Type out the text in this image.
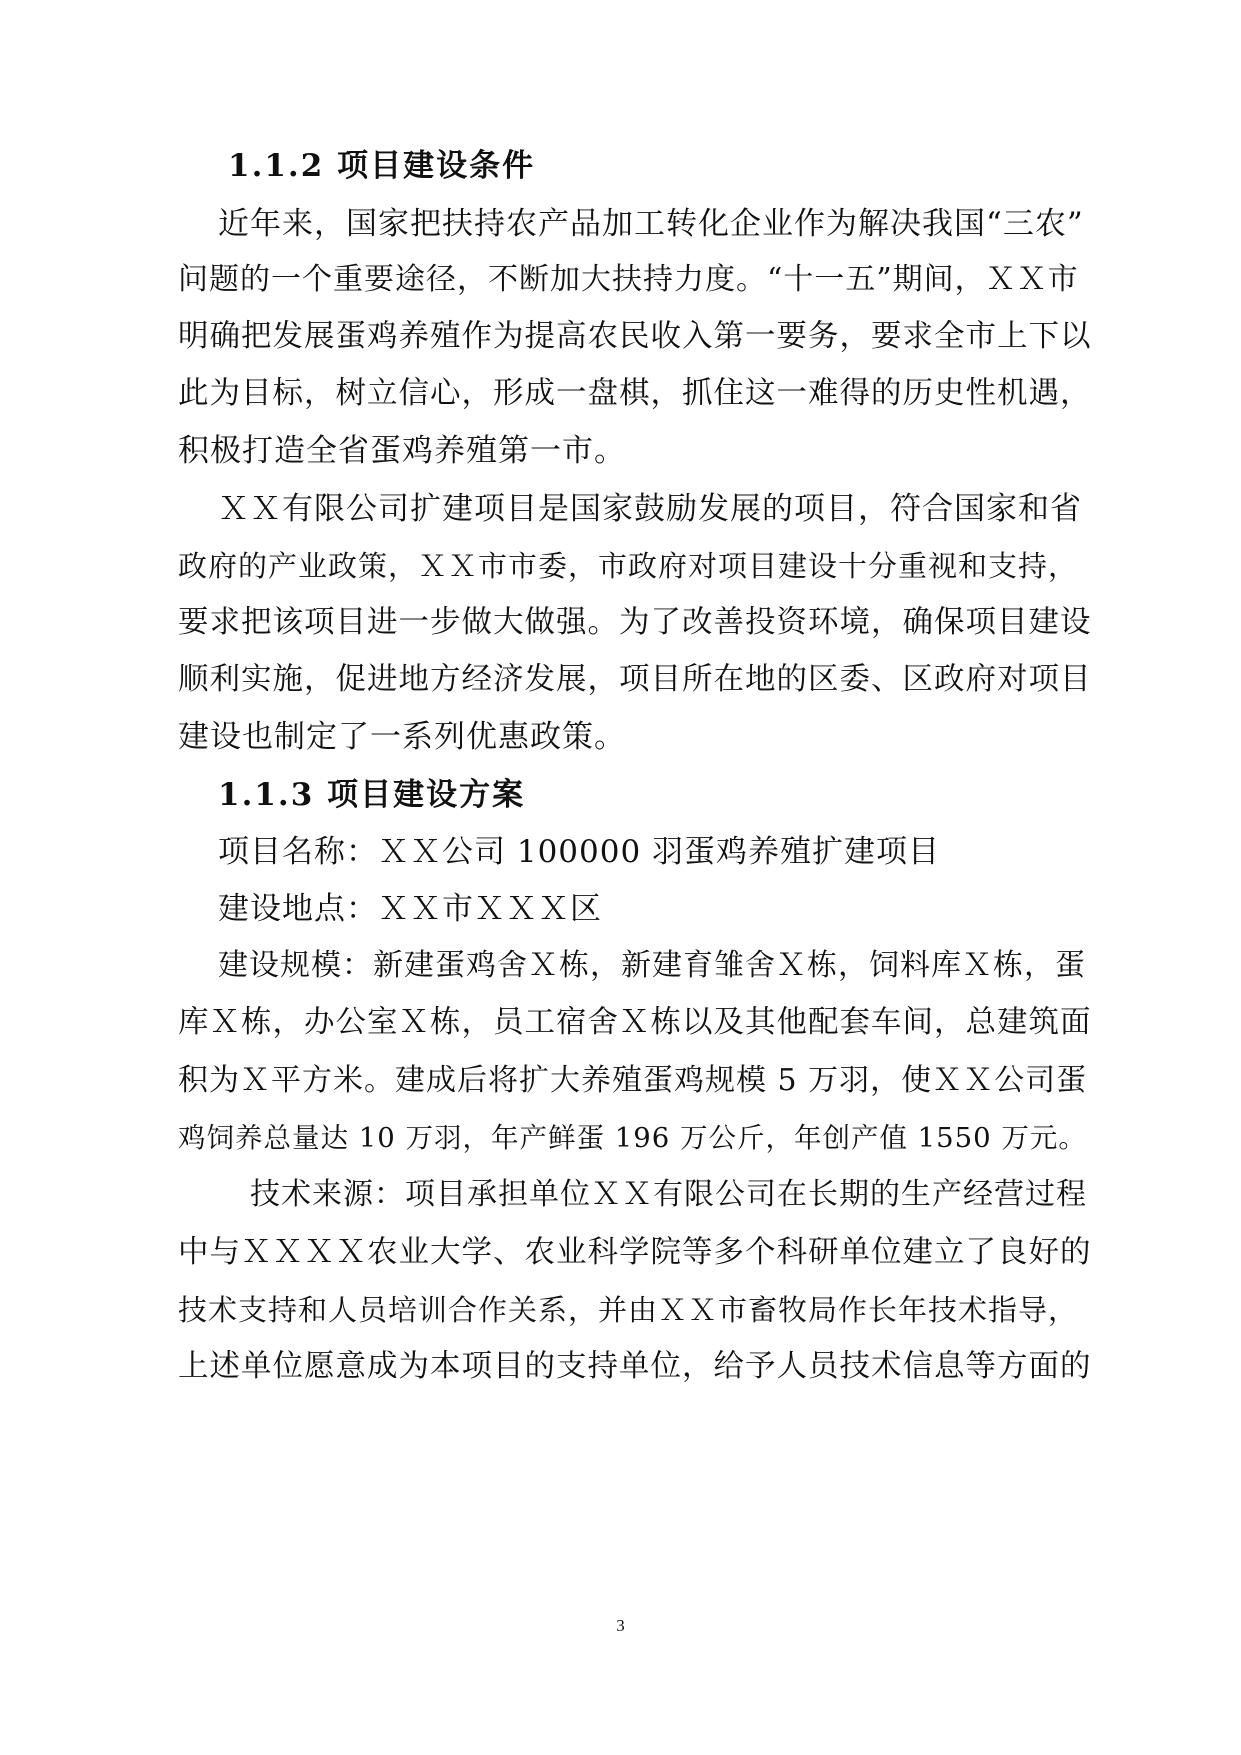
1.1.2 项目建设条件

近年来，国家把扶持农产品加工转化企业作为解决我国“三农”

问题的一个重要途径，不断加大扶持力度。“十一五”期间，ＸＸ市

明确把发展蛋鸡养殖作为提高农民收入第一要务，要求全市上下以

此为目标，树立信心，形成一盘棋，抓住这一难得的历史性机遇，

积极打造全省蛋鸡养殖第一市。

ＸＸ有限公司扩建项目是国家鼓励发展的项目，符合国家和省

政府的产业政策，ＸＸ市市委，市政府对项目建设十分重视和支持，

要求把该项目进一步做大做强。为了改善投资环境，确保项目建设

顺利实施，促进地方经济发展，项目所在地的区委、区政府对项目

建设也制定了一系列优惠政策。

1.1.3 项目建设方案

项目名称：ＸＸ公司 100000 羽蛋鸡养殖扩建项目

建设地点：ＸＸ市ＸＸＸ区

建设规模：新建蛋鸡舍Ｘ栋，新建育雏舍Ｘ栋，饲料库Ｘ栋，蛋

库Ｘ栋，办公室Ｘ栋，员工宿舍Ｘ栋以及其他配套车间，总建筑面

积为Ｘ平方米。建成后将扩大养殖蛋鸡规模 5 万羽，使ＸＸ公司蛋

鸡饲养总量达 10 万羽，年产鲜蛋 196 万公斤，年创产值 1550 万元。

技术来源：项目承担单位ＸＸ有限公司在长期的生产经营过程

中与ＸＸＸＸ农业大学、农业科学院等多个科研单位建立了良好的

技术支持和人员培训合作关系，并由ＸＸ市畜牧局作长年技术指导，

上述单位愿意成为本项目的支持单位，给予人员技术信息等方面的

3
